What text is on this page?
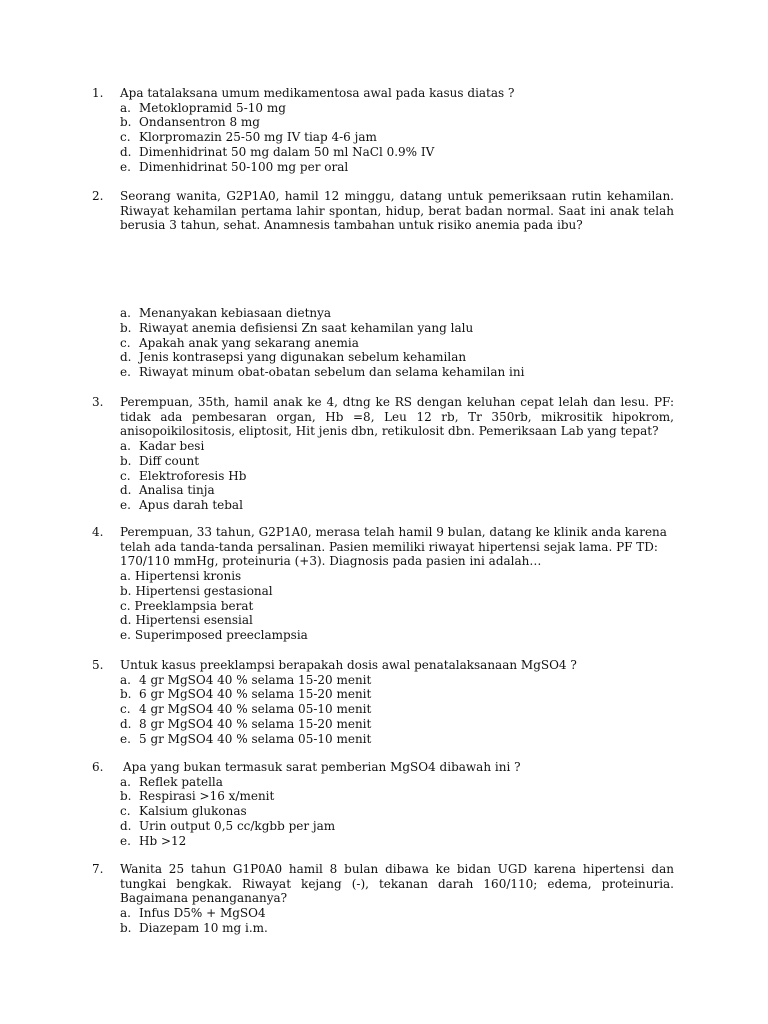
1.	Apa tatalaksana umum medikamentosa awal pada kasus diatas ?

a. Metoklopramid 5-10 mg
b. Ondansentron 8 mg
c. Klorpromazin 25-50 mg IV tiap 4-6 jam
d. Dimenhidrinat 50 mg dalam 50 ml NaCl 0.9% IV
e. Dimenhidrinat 50-100 mg per oral
2.	Seorang wanita, G2P1A0, hamil 12 minggu, datang untuk pemeriksaan rutin kehamilan. Riwayat kehamilan pertama lahir spontan, hidup, berat badan normal. Saat ini anak telah berusia 3 tahun, sehat. Anamnesis tambahan untuk risiko anemia pada ibu?

a. Menanyakan kebiasaan dietnya
b. Riwayat anemia defisiensi Zn saat kehamilan yang lalu
c. Apakah anak yang sekarang anemia
d. Jenis kontrasepsi yang digunakan sebelum kehamilan
e. Riwayat minum obat-obatan sebelum dan selama kehamilan ini
3.	Perempuan, 35th, hamil anak ke 4, dtng ke RS dengan keluhan cepat lelah dan lesu. PF: tidak ada pembesaran organ, Hb =8, Leu 12 rb, Tr 350rb, mikrositik hipokrom, anisopoikilositosis, eliptosit, Hit jenis dbn, retikulosit dbn. Pemeriksaan Lab yang tepat?

a. Kadar besi
b. Diff count
c. Elektroforesis Hb
d. Analisa tinja
e. Apus darah tebal
4.	Perempuan, 33 tahun, G2P1A0, merasa telah hamil 9 bulan, datang ke klinik anda karena
telah ada tanda-tanda persalinan. Pasien memiliki riwayat hipertensi sejak lama. PF TD:
170/110 mmHg, proteinuria (+3). Diagnosis pada pasien ini adalah…
a. Hipertensi kronis
b. Hipertensi gestasional
c. Preeklampsia berat
d. Hipertensi esensial
e. Superimposed preeclampsia
5.	Untuk kasus preeklampsi berapakah dosis awal penatalaksanaan MgSO4 ?

a. 4 gr MgSO4 40 % selama 15-20 menit
b. 6 gr MgSO4 40 % selama 15-20 menit
c. 4 gr MgSO4 40 % selama 05-10 menit
d. 8 gr MgSO4 40 % selama 15-20 menit
e. 5 gr MgSO4 40 % selama 05-10 menit
6.	Apa yang bukan termasuk sarat pemberian MgSO4 dibawah ini ?

a. Reflek patella
b. Respirasi >16 x/menit
c. Kalsium glukonas
d. Urin output 0,5 cc/kgbb per jam
e. Hb >12
7.	Wanita 25 tahun G1P0A0 hamil 8 bulan dibawa ke bidan UGD karena hipertensi dan tungkai bengkak. Riwayat kejang (-), tekanan darah 160/110; edema, proteinuria. Bagaimana penangananya?

a. Infus D5% + MgSO4
b. Diazepam 10 mg i.m.
